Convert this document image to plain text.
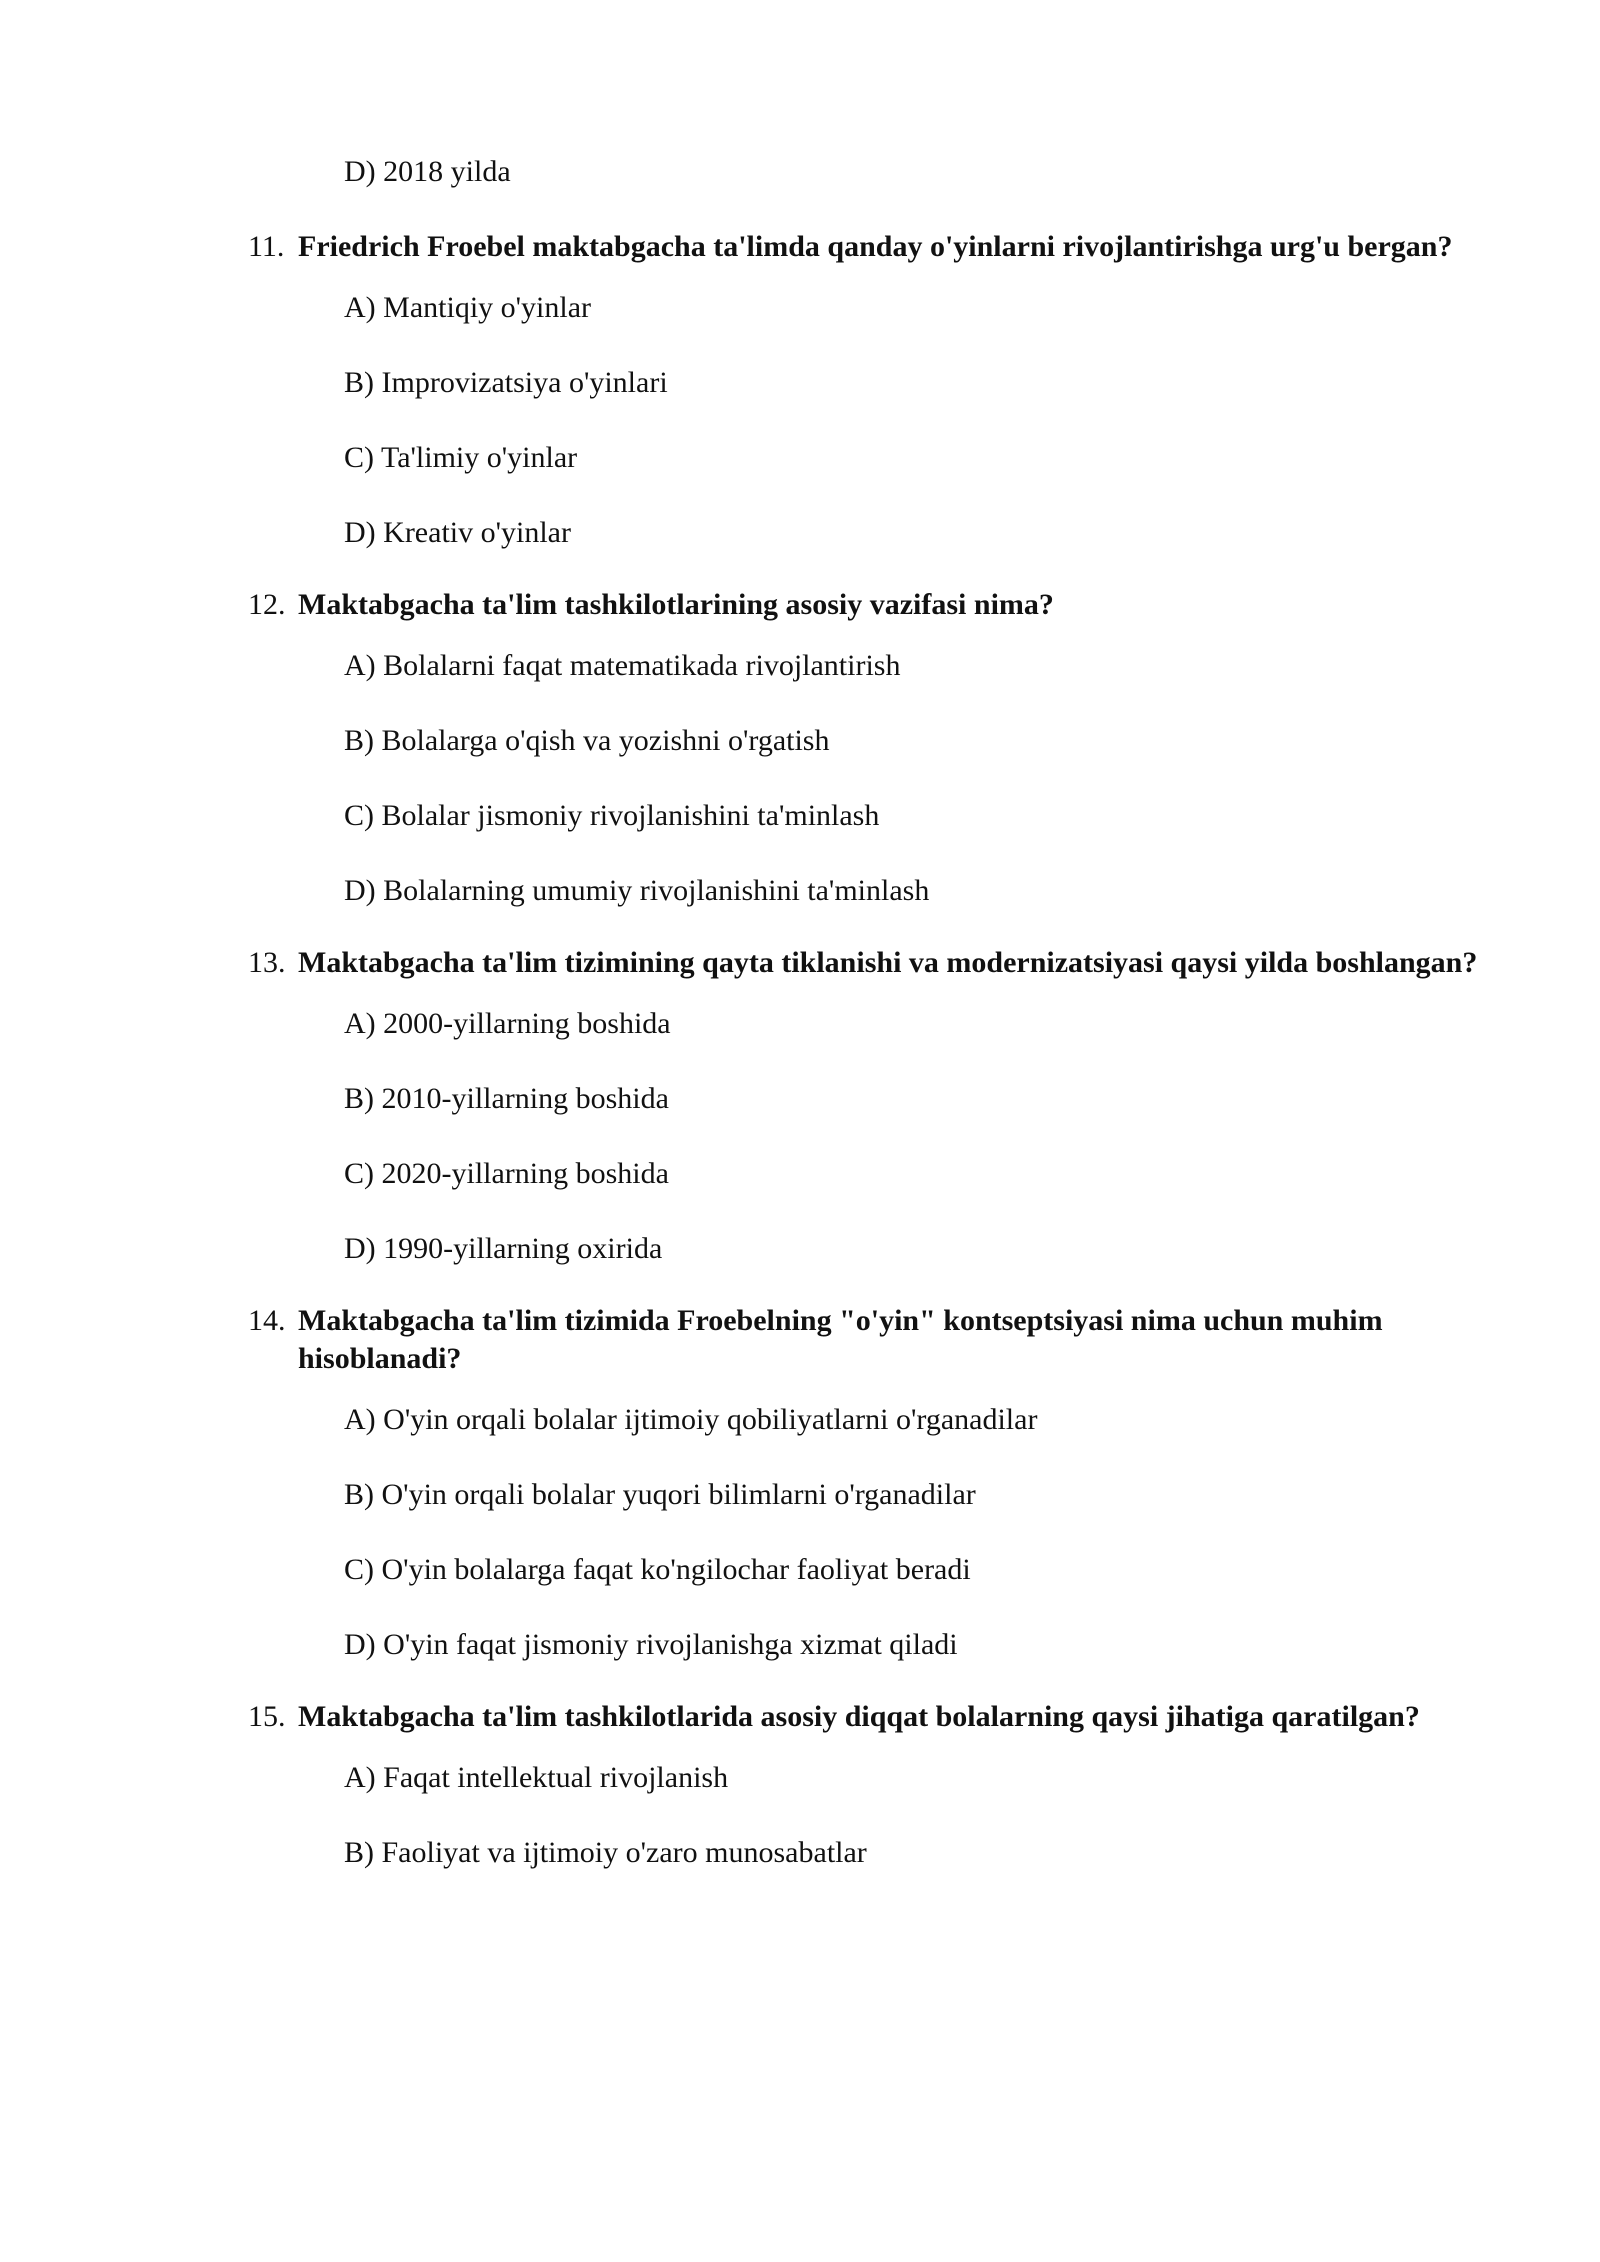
D) 2018 yilda
11. Friedrich Froebel maktabgacha ta'limda qanday o'yinlarni rivojlantirishga urg'u bergan?
A) Mantiqiy o'yinlar
B) Improvizatsiya o'yinlari
C) Ta'limiy o'yinlar
D) Kreativ o'yinlar
12. Maktabgacha ta'lim tashkilotlarining asosiy vazifasi nima?
A) Bolalarni faqat matematikada rivojlantirish
B) Bolalarga o'qish va yozishni o'rgatish
C) Bolalar jismoniy rivojlanishini ta'minlash
D) Bolalarning umumiy rivojlanishini ta'minlash
13. Maktabgacha ta'lim tizimining qayta tiklanishi va modernizatsiyasi qaysi yilda boshlangan?
A) 2000-yillarning boshida
B) 2010-yillarning boshida
C) 2020-yillarning boshida
D) 1990-yillarning oxirida
14. Maktabgacha ta'lim tizimida Froebelning "o'yin" kontseptsiyasi nima uchun muhim hisoblanadi?
A) O'yin orqali bolalar ijtimoiy qobiliyatlarni o'rganadilar
B) O'yin orqali bolalar yuqori bilimlarni o'rganadilar
C) O'yin bolalarga faqat ko'ngilochar faoliyat beradi
D) O'yin faqat jismoniy rivojlanishga xizmat qiladi
15. Maktabgacha ta'lim tashkilotlarida asosiy diqqat bolalarning qaysi jihatiga qaratilgan?
A) Faqat intellektual rivojlanish
B) Faoliyat va ijtimoiy o'zaro munosabatlar
